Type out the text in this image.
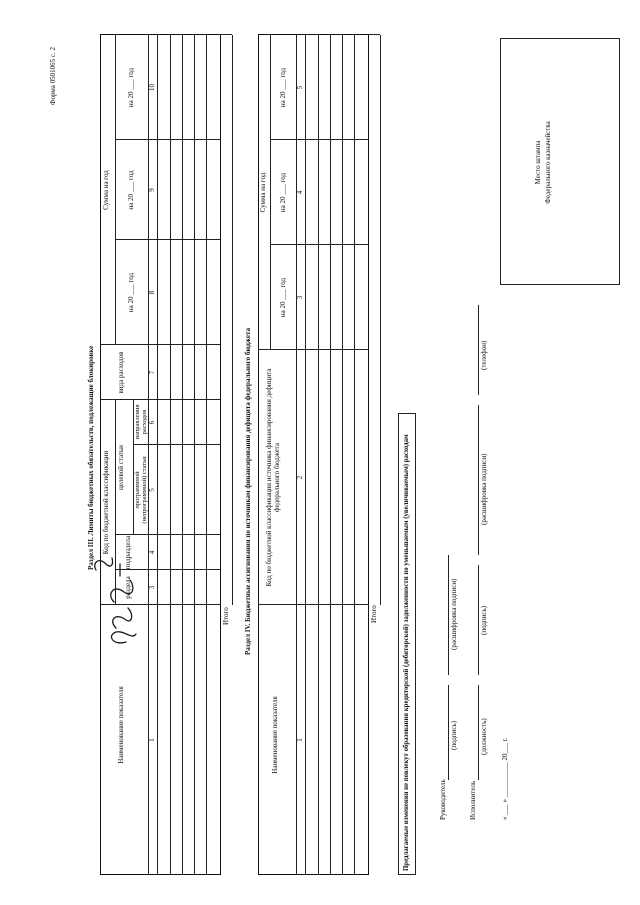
Форма 0501065 с. 2
Раздел III. Лимиты бюджетных обязательств, подлежащие блокировке
Наименование показателя
Код по бюджетной классификации
раздела
подраздела
целевой статьи
программной (непрограммной) статьи
направления расходов
вида расходов
Сумма на год
на 20 ___ год
на 20 ___ год
на 20 ___ год
1
3
4
5
6
7
8
9
10
Итого Раздел IV. Бюджетные ассигнования по источникам финансирования дефицита федерального бюджета
Наименование показателя
Код по бюджетной классификации источника финансирования дефицита федерального бюджета
Сумма на год
на 20 ___ год
на 20 ___ год
на 20 ___ год
1
2
3
4
5
Итого	Предлагаемые изменения не повлекут образования кредиторской (дебиторской) задолженности по уменьшаемым (увеличиваемым) расходам	Руководитель
(подпись)
(расшифровка подписи)
Исполнитель
(должность)
(подпись)
(расшифровка подписи)
(телефон)
« ___ » __________ 20___ г.
Место штампа Федерального казначейства
